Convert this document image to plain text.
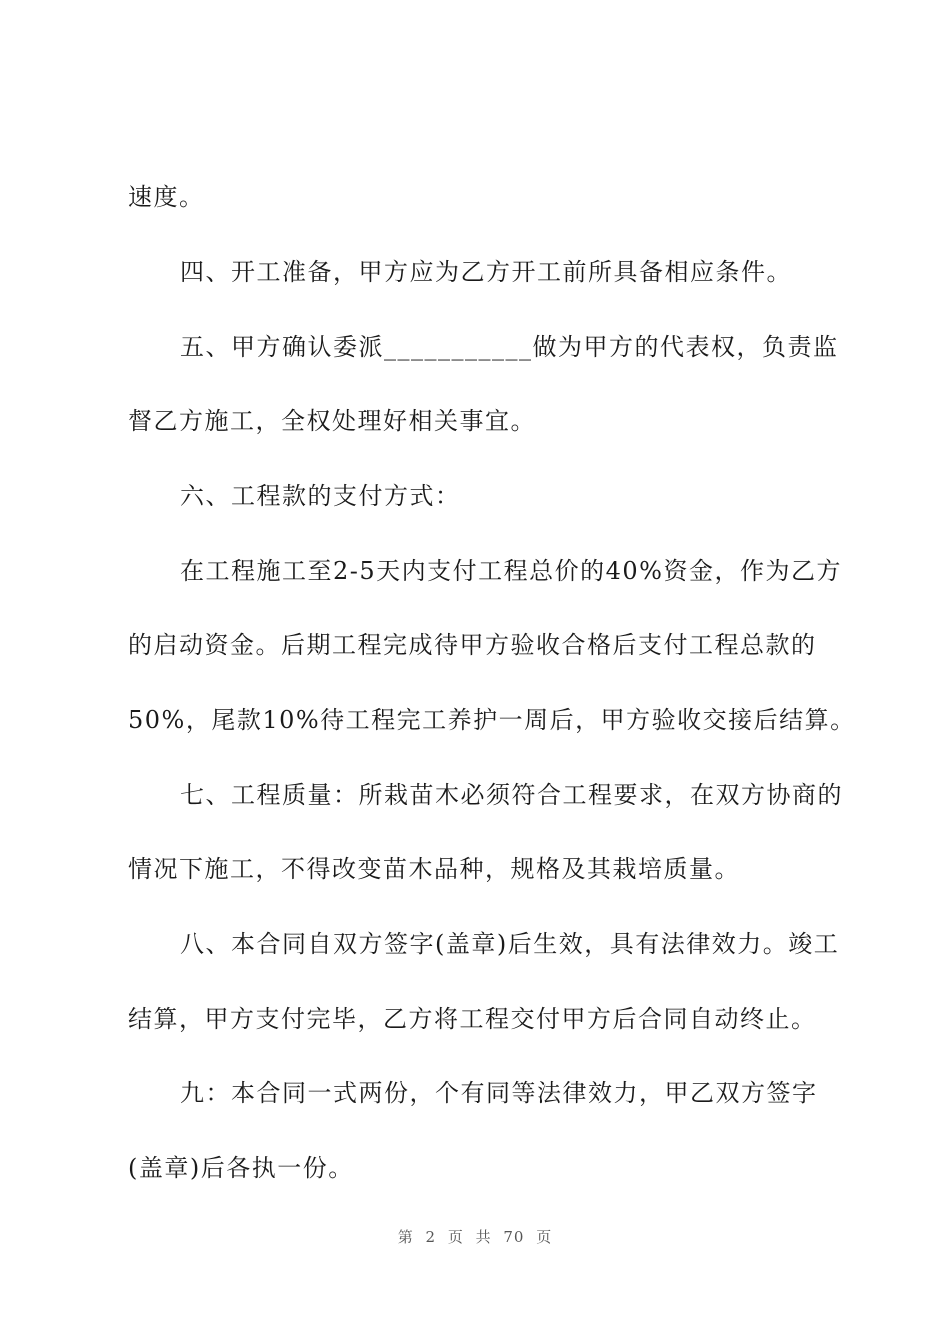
速度。
四、开工准备，甲方应为乙方开工前所具备相应条件。
五、甲方确认委派___________做为甲方的代表权，负责监
督乙方施工，全权处理好相关事宜。
六、工程款的支付方式：
在工程施工至2-5天内支付工程总价的40%资金，作为乙方
的启动资金。后期工程完成待甲方验收合格后支付工程总款的
50%，尾款10%待工程完工养护一周后，甲方验收交接后结算。
七、工程质量：所栽苗木必须符合工程要求，在双方协商的
情况下施工，不得改变苗木品种，规格及其栽培质量。
八、本合同自双方签字(盖章)后生效，具有法律效力。竣工
结算，甲方支付完毕，乙方将工程交付甲方后合同自动终止。
九：本合同一式两份，个有同等法律效力，甲乙双方签字
(盖章)后各执一份。
第 2 页 共 70 页
